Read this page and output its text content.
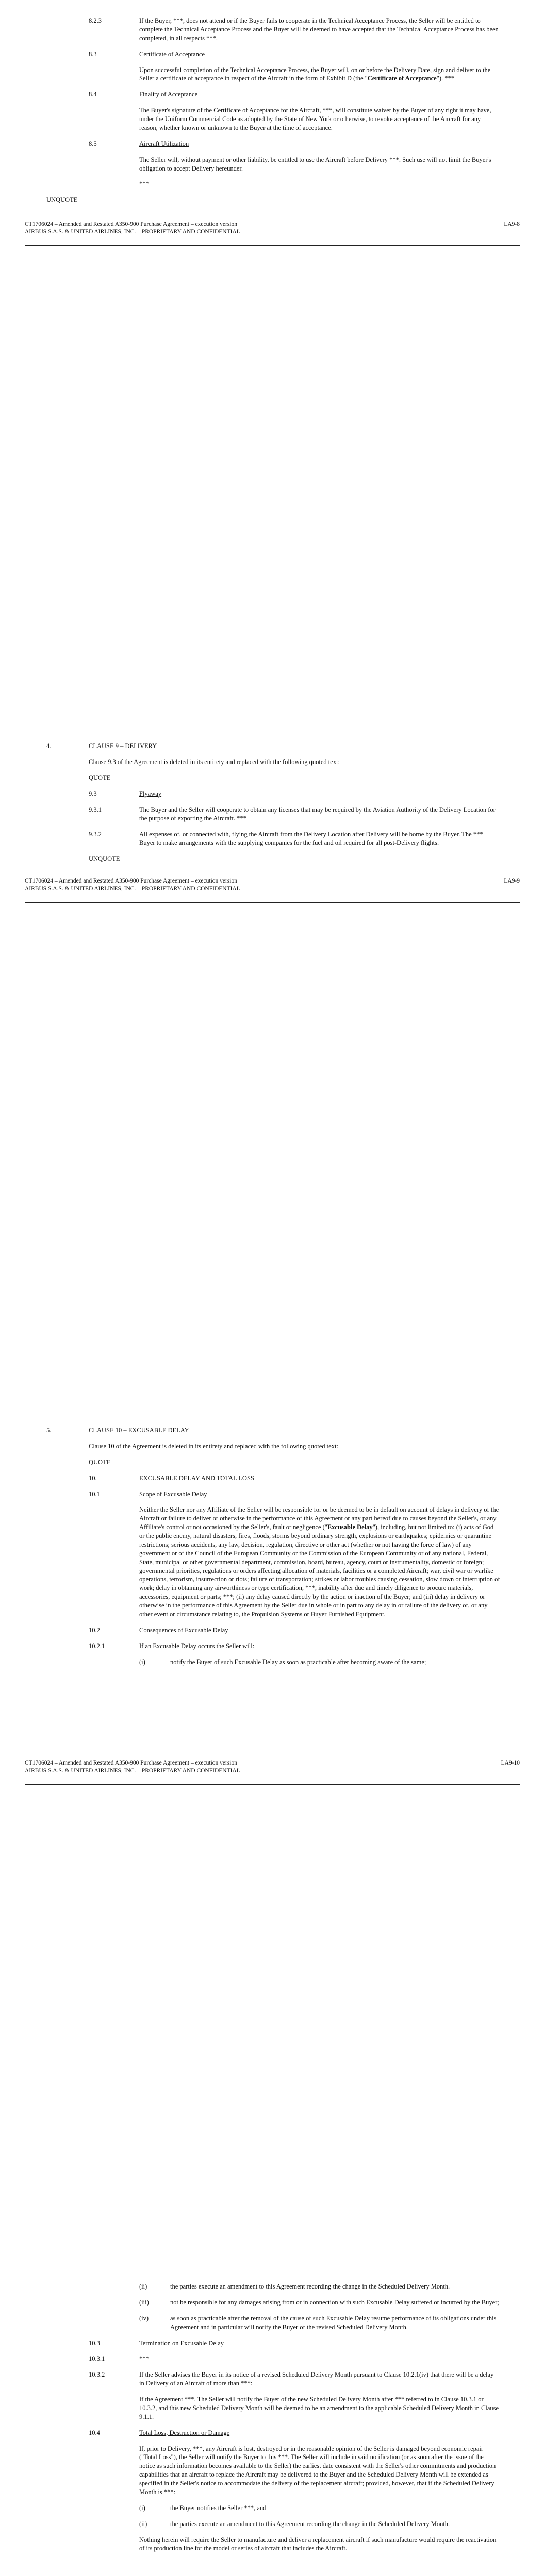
8.2.3	If the Buyer, ***, does not attend or if the Buyer fails to cooperate in the Technical Acceptance Process, the Seller will be entitled to complete the Technical Acceptance Process and the Buyer will be deemed to have accepted that the Technical Acceptance Process has been completed, in all respects ***.
8.3	Certificate of Acceptance
Upon successful completion of the Technical Acceptance Process, the Buyer will, on or before the Delivery Date, sign and deliver to the Seller a certificate of acceptance in respect of the Aircraft in the form of Exhibit D (the "Certificate of Acceptance"). ***
8.4	Finality of Acceptance
The Buyer's signature of the Certificate of Acceptance for the Aircraft, ***, will constitute waiver by the Buyer of any right it may have, under the Uniform Commercial Code as adopted by the State of New York or otherwise, to revoke acceptance of the Aircraft for any reason, whether known or unknown to the Buyer at the time of acceptance.
8.5	Aircraft Utilization
The Seller will, without payment or other liability, be entitled to use the Aircraft before Delivery ***. Such use will not limit the Buyer's obligation to accept Delivery hereunder.
***
UNQUOTE
CT1706024 – Amended and Restated A350-900 Purchase Agreement – execution version
AIRBUS S.A.S. & UNITED AIRLINES, INC. – PROPRIETARY AND CONFIDENTIAL
LA9-8
4.	CLAUSE 9 – DELIVERY
Clause 9.3 of the Agreement is deleted in its entirety and replaced with the following quoted text:
QUOTE
9.3	Flyaway
9.3.1	The Buyer and the Seller will cooperate to obtain any licenses that may be required by the Aviation Authority of the Delivery Location for the purpose of exporting the Aircraft. ***
9.3.2	All expenses of, or connected with, flying the Aircraft from the Delivery Location after Delivery will be borne by the Buyer. The *** Buyer to make arrangements with the supplying companies for the fuel and oil required for all post-Delivery flights.
UNQUOTE
CT1706024 – Amended and Restated A350-900 Purchase Agreement – execution version
AIRBUS S.A.S. & UNITED AIRLINES, INC. – PROPRIETARY AND CONFIDENTIAL
LA9-9
5.	CLAUSE 10 – EXCUSABLE DELAY
Clause 10 of the Agreement is deleted in its entirety and replaced with the following quoted text:
QUOTE
10.	EXCUSABLE DELAY AND TOTAL LOSS
10.1	Scope of Excusable Delay
Neither the Seller nor any Affiliate of the Seller will be responsible for or be deemed to be in default on account of delays in delivery of the Aircraft or failure to deliver or otherwise in the performance of this Agreement or any part hereof due to causes beyond the Seller's, or any Affiliate's control or not occasioned by the Seller's, fault or negligence ("Excusable Delay"), including, but not limited to: (i) acts of God or the public enemy, natural disasters, fires, floods, storms beyond ordinary strength, explosions or earthquakes; epidemics or quarantine restrictions; serious accidents, any law, decision, regulation, directive or other act (whether or not having the force of law) of any government or of the Council of the European Community or the Commission of the European Community or of any national, Federal, State, municipal or other governmental department, commission, board, bureau, agency, court or instrumentality, domestic or foreign; governmental priorities, regulations or orders affecting allocation of materials, facilities or a completed Aircraft; war, civil war or warlike operations, terrorism, insurrection or riots; failure of transportation; strikes or labor troubles causing cessation, slow down or interruption of work; delay in obtaining any airworthiness or type certification, ***, inability after due and timely diligence to procure materials, accessories, equipment or parts; ***; (ii) any delay caused directly by the action or inaction of the Buyer; and (iii) delay in delivery or otherwise in the performance of this Agreement by the Seller due in whole or in part to any delay in or failure of the delivery of, or any other event or circumstance relating to, the Propulsion Systems or Buyer Furnished Equipment.
10.2	Consequences of Excusable Delay
10.2.1	If an Excusable Delay occurs the Seller will:
(i)	notify the Buyer of such Excusable Delay as soon as practicable after becoming aware of the same;
CT1706024 – Amended and Restated A350-900 Purchase Agreement – execution version
AIRBUS S.A.S. & UNITED AIRLINES, INC. – PROPRIETARY AND CONFIDENTIAL
LA9-10
(ii)	the parties execute an amendment to this Agreement recording the change in the Scheduled Delivery Month.
(iii)	not be responsible for any damages arising from or in connection with such Excusable Delay suffered or incurred by the Buyer;
(iv)	as soon as practicable after the removal of the cause of such Excusable Delay resume performance of its obligations under this Agreement and in particular will notify the Buyer of the revised Scheduled Delivery Month.
10.3	Termination on Excusable Delay
10.3.1	***
10.3.2	If the Seller advises the Buyer in its notice of a revised Scheduled Delivery Month pursuant to Clause 10.2.1(iv) that there will be a delay in Delivery of an Aircraft of more than ***:
If the Agreement ***. The Seller will notify the Buyer of the new Scheduled Delivery Month after *** referred to in Clause 10.3.1 or 10.3.2, and this new Scheduled Delivery Month will be deemed to be an amendment to the applicable Scheduled Delivery Month in Clause 9.1.1.
10.4	Total Loss, Destruction or Damage
If, prior to Delivery, ***, any Aircraft is lost, destroyed or in the reasonable opinion of the Seller is damaged beyond economic repair ("Total Loss"), the Seller will notify the Buyer to this ***. The Seller will include in said notification (or as soon after the issue of the notice as such information becomes available to the Seller) the earliest date consistent with the Seller's other commitments and production capabilities that an aircraft to replace the Aircraft may be delivered to the Buyer and the Scheduled Delivery Month will be extended as specified in the Seller's notice to accommodate the delivery of the replacement aircraft; provided, however, that if the Scheduled Delivery Month is ***:
(i)	the Buyer notifies the Seller ***, and
(ii)	the parties execute an amendment to this Agreement recording the change in the Scheduled Delivery Month.
Nothing herein will require the Seller to manufacture and deliver a replacement aircraft if such manufacture would require the reactivation of its production line for the model or series of aircraft that includes the Aircraft.
